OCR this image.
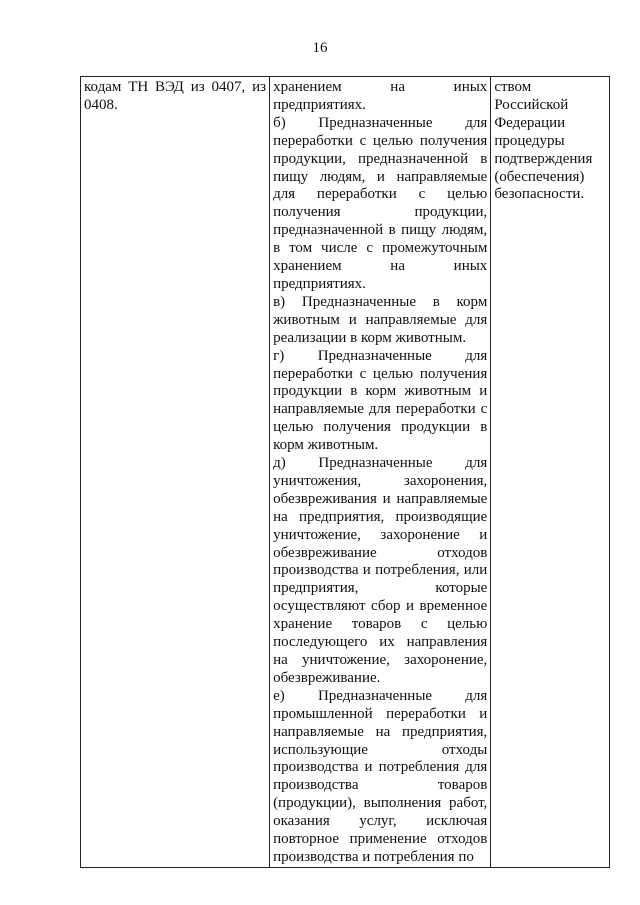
16
кодам ТН ВЭД из 0407, из 0408.

хранением на иных предприятиях.
б) Предназначенные для переработки с целью получения продукции, предназначенной в пищу людям, и направляемые для переработки с целью получения продукции, предназначенной в пищу людям, в том числе с промежуточным хранением на иных предприятиях.
в) Предназначенные в корм животным и направляемые для реализации в корм животным.
г) Предназначенные для переработки с целью получения продукции в корм животным и направляемые для переработки с целью получения продукции в корм животным.
д) Предназначенные для уничтожения, захоронения, обезвреживания и направляемые на предприятия, производящие уничтожение, захоронение и обезвреживание отходов производства и потребления, или предприятия, которые осуществляют сбор и временное хранение товаров с целью последующего их направления на уничтожение, захоронение, обезвреживание.
е) Предназначенные для промышленной переработки и направляемые на предприятия, использующие отходы производства и потребления для производства товаров (продукции), выполнения работ, оказания услуг, исключая повторное применение отходов производства и потребления по

ством Российской Федерации процедуры подтверждения (обеспечения) безопасности.
